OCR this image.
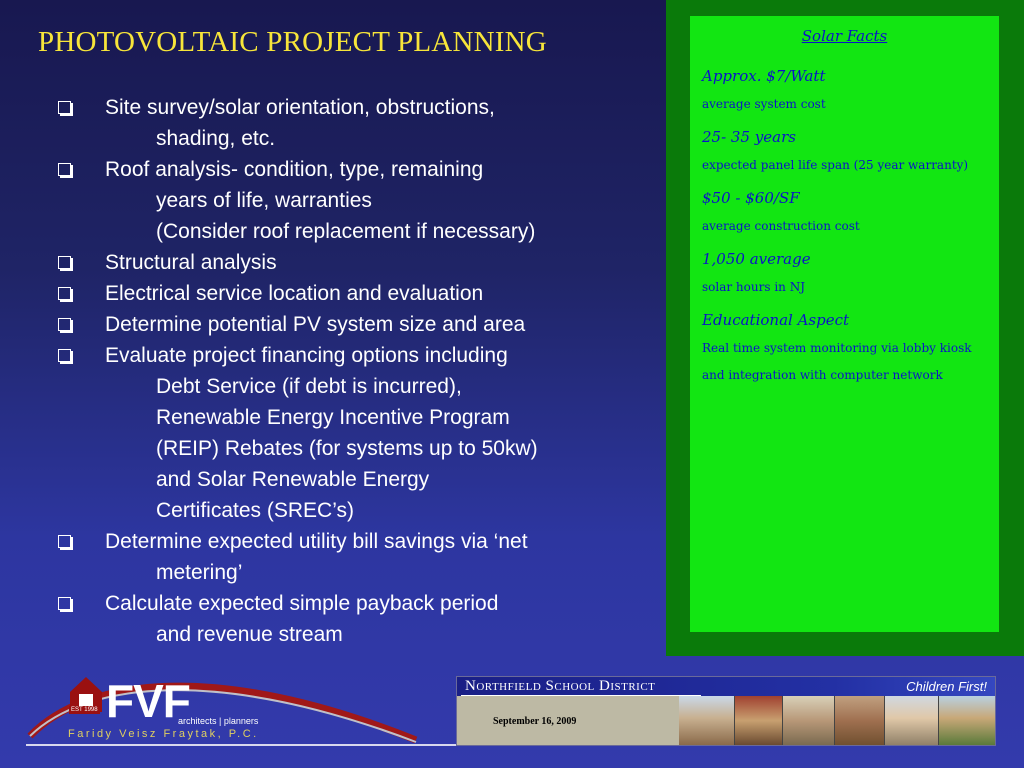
PHOTOVOLTAIC PROJECT PLANNING
Site survey/solar orientation, obstructions,
shading, etc.
Roof analysis- condition, type, remaining
years of life, warranties
(Consider roof replacement if necessary)
Structural analysis
Electrical service location and evaluation
Determine potential PV system size and area
Evaluate project financing options including
Debt Service (if debt is incurred),
Renewable Energy Incentive Program
(REIP) Rebates (for systems up to 50kw)
and Solar Renewable Energy
Certificates (SREC’s)
Determine expected utility bill savings via ‘net
metering’
Calculate expected simple payback period
and revenue stream
Solar Facts
Approx. $7/Watt
average system cost
25- 35 years
expected panel life span (25 year warranty)
$50 - $60/SF
average construction cost
1,050 average
solar hours in NJ
Educational Aspect
Real time system monitoring via lobby kiosk and integration with computer network
EST 1998 FVF
architects | planners
Faridy Veisz Fraytak, P.C.
Northfield School District	Children First!
September 16, 2009
